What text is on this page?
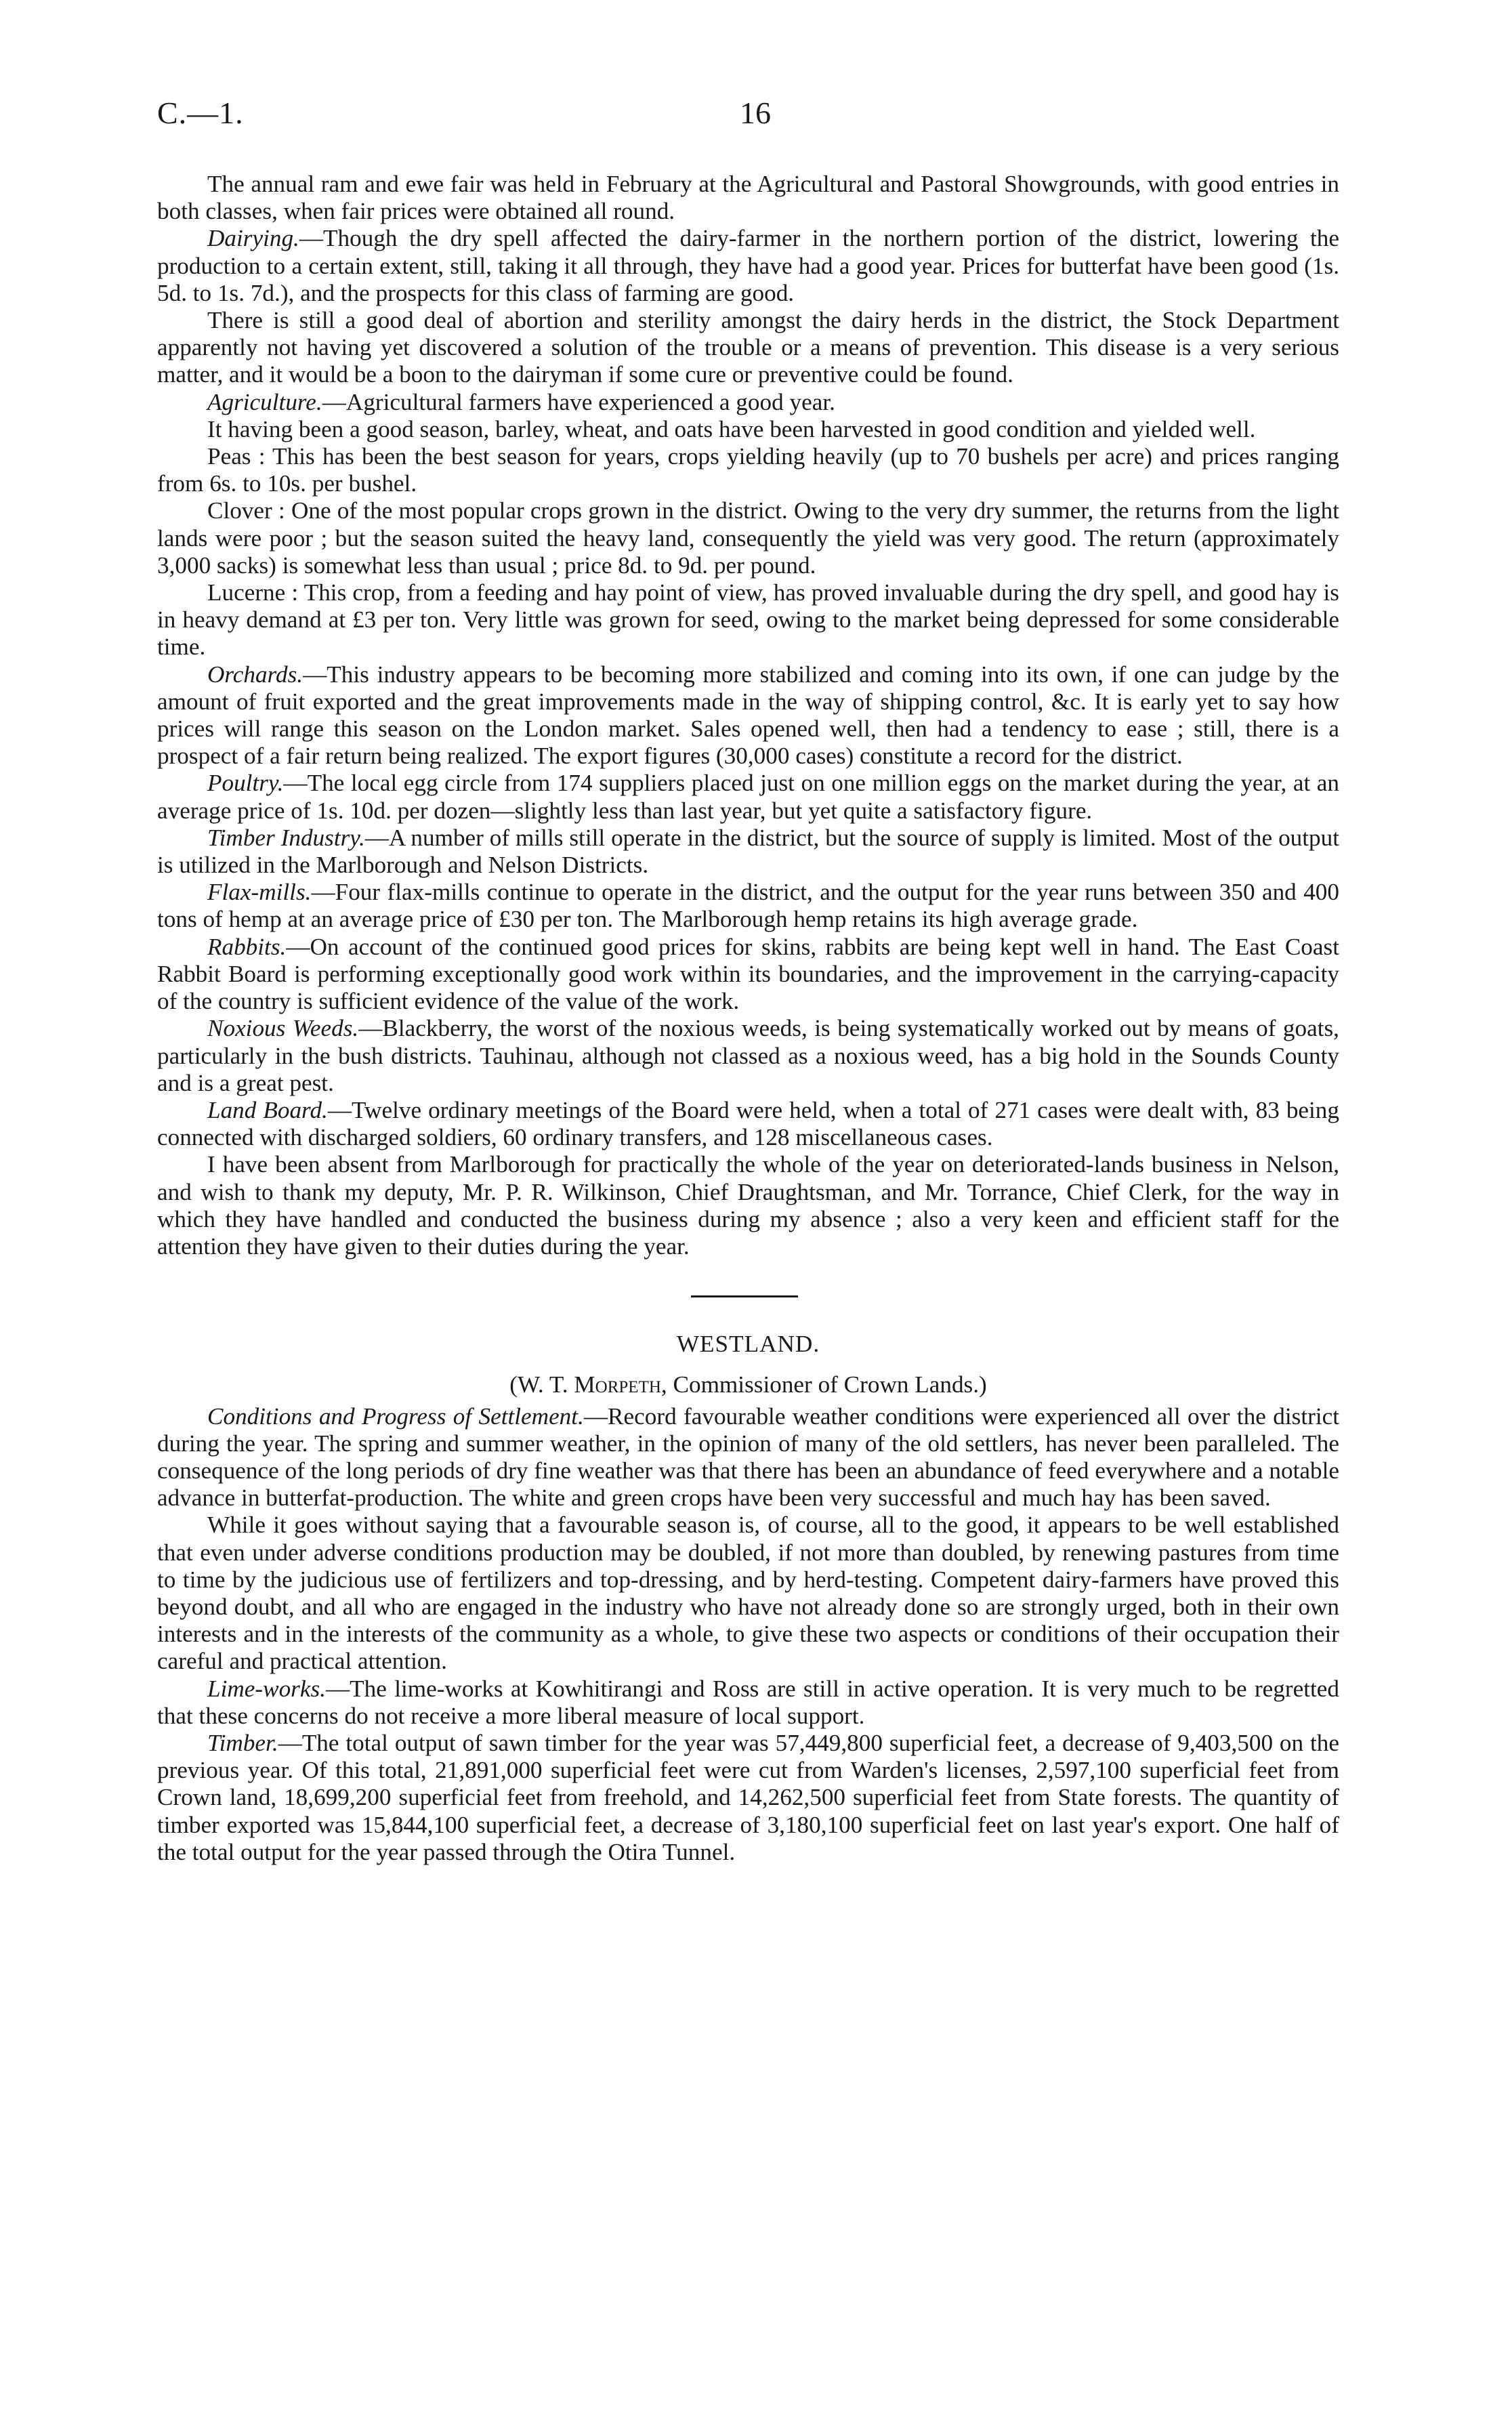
C.—1.	16

The annual ram and ewe fair was held in February at the Agricultural and Pastoral Showgrounds, with good entries in both classes, when fair prices were obtained all round.

Dairying.—Though the dry spell affected the dairy-farmer in the northern portion of the district, lowering the production to a certain extent, still, taking it all through, they have had a good year. Prices for butterfat have been good (1s. 5d. to 1s. 7d.), and the prospects for this class of farming are good.

There is still a good deal of abortion and sterility amongst the dairy herds in the district, the Stock Department apparently not having yet discovered a solution of the trouble or a means of prevention. This disease is a very serious matter, and it would be a boon to the dairyman if some cure or preventive could be found.

Agriculture.—Agricultural farmers have experienced a good year.

It having been a good season, barley, wheat, and oats have been harvested in good condition and yielded well.

Peas : This has been the best season for years, crops yielding heavily (up to 70 bushels per acre) and prices ranging from 6s. to 10s. per bushel.

Clover : One of the most popular crops grown in the district. Owing to the very dry summer, the returns from the light lands were poor ; but the season suited the heavy land, consequently the yield was very good. The return (approximately 3,000 sacks) is somewhat less than usual ; price 8d. to 9d. per pound.

Lucerne : This crop, from a feeding and hay point of view, has proved invaluable during the dry spell, and good hay is in heavy demand at £3 per ton. Very little was grown for seed, owing to the market being depressed for some considerable time.

Orchards.—This industry appears to be becoming more stabilized and coming into its own, if one can judge by the amount of fruit exported and the great improvements made in the way of shipping control, &c. It is early yet to say how prices will range this season on the London market. Sales opened well, then had a tendency to ease ; still, there is a prospect of a fair return being realized. The export figures (30,000 cases) constitute a record for the district.

Poultry.—The local egg circle from 174 suppliers placed just on one million eggs on the market during the year, at an average price of 1s. 10d. per dozen—slightly less than last year, but yet quite a satisfactory figure.

Timber Industry.—A number of mills still operate in the district, but the source of supply is limited. Most of the output is utilized in the Marlborough and Nelson Districts.

Flax-mills.—Four flax-mills continue to operate in the district, and the output for the year runs between 350 and 400 tons of hemp at an average price of £30 per ton. The Marlborough hemp retains its high average grade.

Rabbits.—On account of the continued good prices for skins, rabbits are being kept well in hand. The East Coast Rabbit Board is performing exceptionally good work within its boundaries, and the improvement in the carrying-capacity of the country is sufficient evidence of the value of the work.

Noxious Weeds.—Blackberry, the worst of the noxious weeds, is being systematically worked out by means of goats, particularly in the bush districts. Tauhinau, although not classed as a noxious weed, has a big hold in the Sounds County and is a great pest.

Land Board.—Twelve ordinary meetings of the Board were held, when a total of 271 cases were dealt with, 83 being connected with discharged soldiers, 60 ordinary transfers, and 128 miscellaneous cases.

I have been absent from Marlborough for practically the whole of the year on deteriorated-lands business in Nelson, and wish to thank my deputy, Mr. P. R. Wilkinson, Chief Draughtsman, and Mr. Torrance, Chief Clerk, for the way in which they have handled and conducted the business during my absence ; also a very keen and efficient staff for the attention they have given to their duties during the year.

WESTLAND.

(W. T. Morpeth, Commissioner of Crown Lands.)

Conditions and Progress of Settlement.—Record favourable weather conditions were experienced all over the district during the year. The spring and summer weather, in the opinion of many of the old settlers, has never been paralleled. The consequence of the long periods of dry fine weather was that there has been an abundance of feed everywhere and a notable advance in butterfat-production. The white and green crops have been very successful and much hay has been saved.

While it goes without saying that a favourable season is, of course, all to the good, it appears to be well established that even under adverse conditions production may be doubled, if not more than doubled, by renewing pastures from time to time by the judicious use of fertilizers and top-dressing, and by herd-testing. Competent dairy-farmers have proved this beyond doubt, and all who are engaged in the industry who have not already done so are strongly urged, both in their own interests and in the interests of the community as a whole, to give these two aspects or conditions of their occupation their careful and practical attention.

Lime-works.—The lime-works at Kowhitirangi and Ross are still in active operation. It is very much to be regretted that these concerns do not receive a more liberal measure of local support.

Timber.—The total output of sawn timber for the year was 57,449,800 superficial feet, a decrease of 9,403,500 on the previous year. Of this total, 21,891,000 superficial feet were cut from Warden's licenses, 2,597,100 superficial feet from Crown land, 18,699,200 superficial feet from freehold, and 14,262,500 superficial feet from State forests. The quantity of timber exported was 15,844,100 superficial feet, a decrease of 3,180,100 superficial feet on last year's export. One half of the total output for the year passed through the Otira Tunnel.
